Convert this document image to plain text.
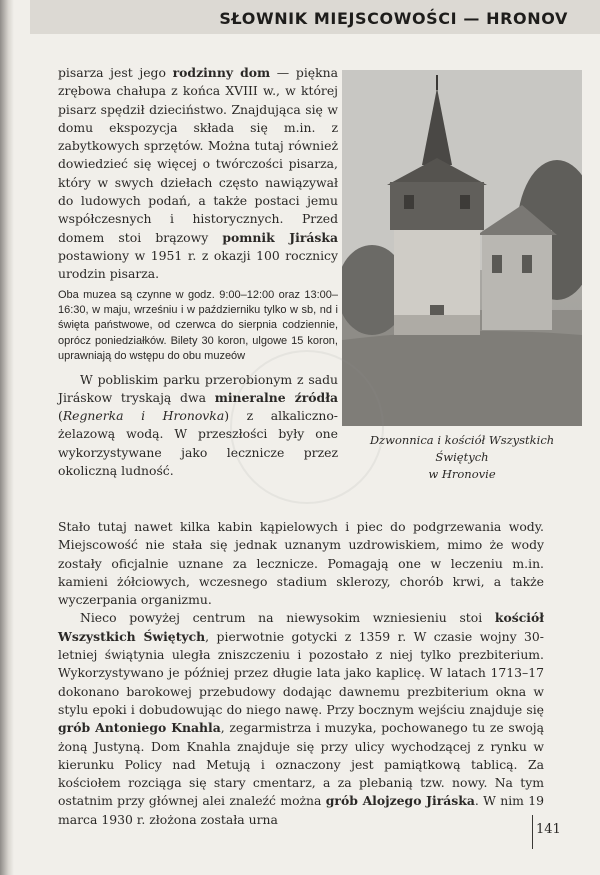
SŁOWNIK MIEJSCOWOŚCI — HRONOV

pisarza jest jego rodzinny dom — piękna zrębowa chałupa z końca XVIII w., w której pisarz spędził dzieciństwo. Znajdująca się w domu ekspozycja składa się m.in. z zabytkowych sprzętów. Można tutaj również dowiedzieć się więcej o twórczości pisarza, który w swych dziełach często nawiązywał do ludowych podań, a także postaci jemu współczesnych i historycznych. Przed domem stoi brązowy pomnik Jiráska postawiony w 1951 r. z okazji 100 rocznicy urodzin pisarza.

Oba muzea są czynne w godz. 9:00–12:00 oraz 13:00–16:30, w maju, wrześniu i w październiku tylko w sb, nd i święta państwowe, od czerwca do sierpnia codziennie, oprócz poniedziałków. Bilety 30 koron, ulgowe 15 koron, uprawniają do wstępu do obu muzeów

W pobliskim parku przerobionym z sadu Jiráskow tryskają dwa mineralne źródła (Regnerka i Hronovka) z alkaliczno-żelazową wodą. W przeszłości były one wykorzystywane jako lecznicze przez okoliczną ludność.

Dzwonnica i kościół Wszystkich Świętych
w Hronovie

Stało tutaj nawet kilka kabin kąpielowych i piec do podgrzewania wody. Miejscowość nie stała się jednak uznanym uzdrowiskiem, mimo że wody zostały oficjalnie uznane za lecznicze. Pomagają one w leczeniu m.in. kamieni żółciowych, wczesnego stadium sklerozy, chorób krwi, a także wyczerpania organizmu.

Nieco powyżej centrum na niewysokim wzniesieniu stoi kościół Wszystkich Świętych, pierwotnie gotycki z 1359 r. W czasie wojny 30-letniej świątynia uległa zniszczeniu i pozostało z niej tylko prezbiterium. Wykorzystywano je później przez długie lata jako kaplicę. W latach 1713–17 dokonano barokowej przebudowy dodając dawnemu prezbiterium okna w stylu epoki i dobudowując do niego nawę. Przy bocznym wejściu znajduje się grób Antoniego Knahla, zegarmistrza i muzyka, pochowanego tu ze swoją żoną Justyną. Dom Knahla znajduje się przy ulicy wychodzącej z rynku w kierunku Policy nad Metują i oznaczony jest pamiątkową tablicą. Za kościołem rozciąga się stary cmentarz, a za plebanią tzw. nowy. Na tym ostatnim przy głównej alei znaleźć można grób Alojzego Jiráska. W nim 19 marca 1930 r. złożona została urna

141
